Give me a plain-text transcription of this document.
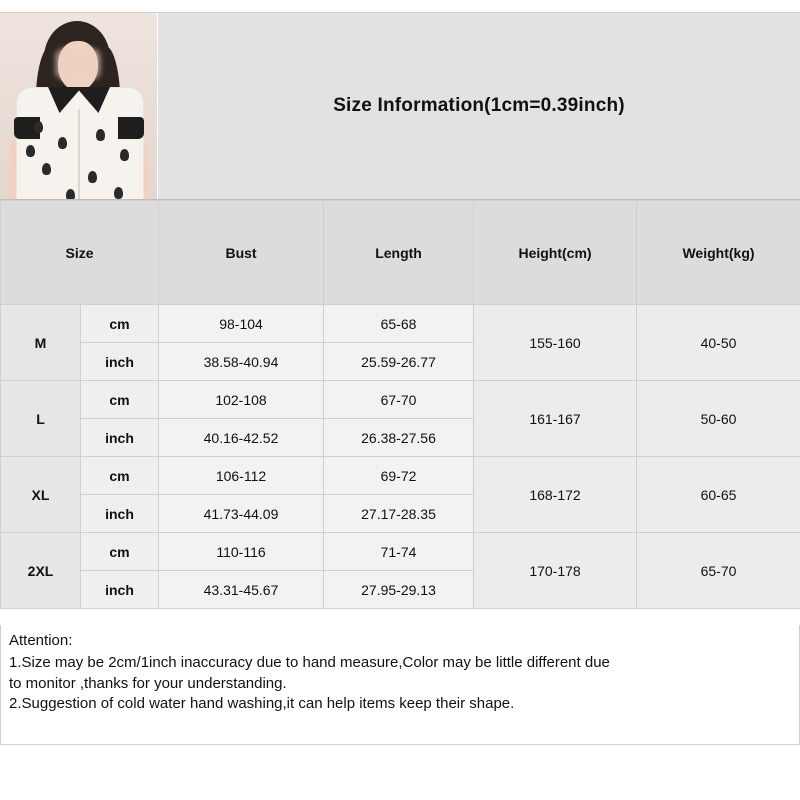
Size Information(1cm=0.39inch)
Size		Bust	Length	Height(cm)	Weight(kg)
M	cm	98-104	65-68	155-160	40-50
	inch	38.58-40.94	25.59-26.77		
L	cm	102-108	67-70	161-167	50-60
	inch	40.16-42.52	26.38-27.56		
XL	cm	106-112	69-72	168-172	60-65
	inch	41.73-44.09	27.17-28.35		
2XL	cm	110-116	71-74	170-178	65-70
	inch	43.31-45.67	27.95-29.13		

Attention:

1.Size may be 2cm/1inch inaccuracy due to hand measure,Color may be little different due

to monitor ,thanks for your understanding.

2.Suggestion of cold water hand washing,it can help items keep their shape.
